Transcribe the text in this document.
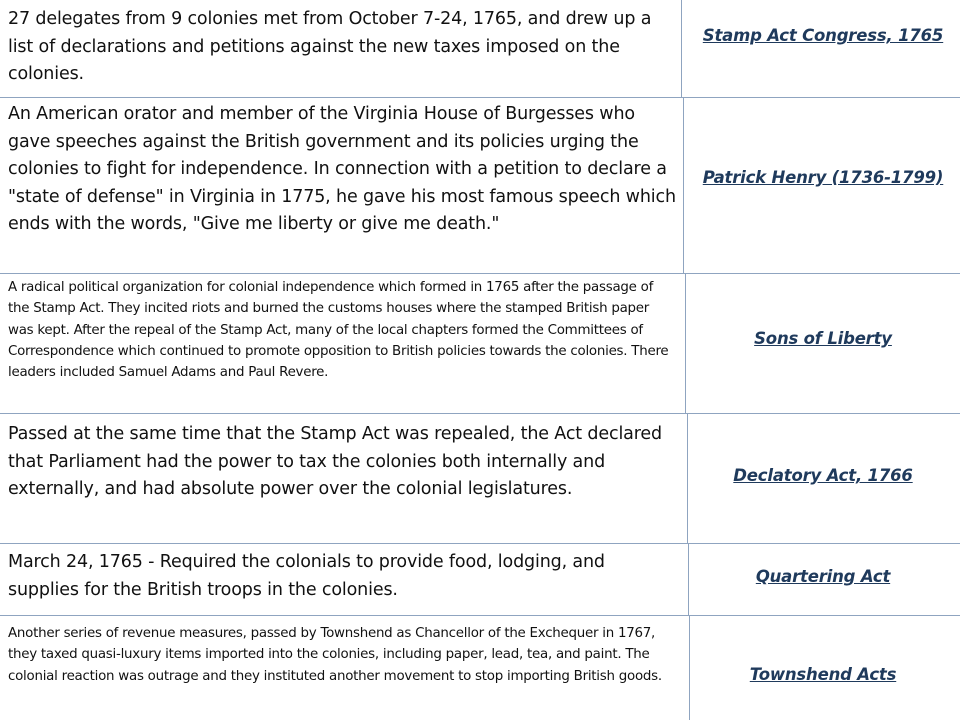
27 delegates from 9 colonies met from October 7-24, 1765, and drew up a list of declarations and petitions against the new taxes imposed on the colonies.

Stamp Act Congress, 1765

An American orator and member of the Virginia House of Burgesses who gave speeches against the British government and its policies urging the colonies to fight for independence. In connection with a petition to declare a "state of defense" in Virginia in 1775, he gave his most famous speech which ends with the words, "Give me liberty or give me death."

Patrick Henry (1736-1799)

A radical political organization for colonial independence which formed in 1765 after the passage of the Stamp Act. They incited riots and burned the customs houses where the stamped British paper was kept. After the repeal of the Stamp Act, many of the local chapters formed the Committees of Correspondence which continued to promote opposition to British policies towards the colonies. There leaders included Samuel Adams and Paul Revere.

Sons of Liberty

Passed at the same time that the Stamp Act was repealed, the Act declared that Parliament had the power to tax the colonies both internally and externally, and had absolute power over the colonial legislatures.

Declatory Act, 1766

March 24, 1765 - Required the colonials to provide food, lodging, and supplies for the British troops in the colonies.

Quartering Act

Another series of revenue measures, passed by Townshend as Chancellor of the Exchequer in 1767, they taxed quasi-luxury items imported into the colonies, including paper, lead, tea, and paint. The colonial reaction was outrage and they instituted another movement to stop importing British goods.	Townshend Acts
